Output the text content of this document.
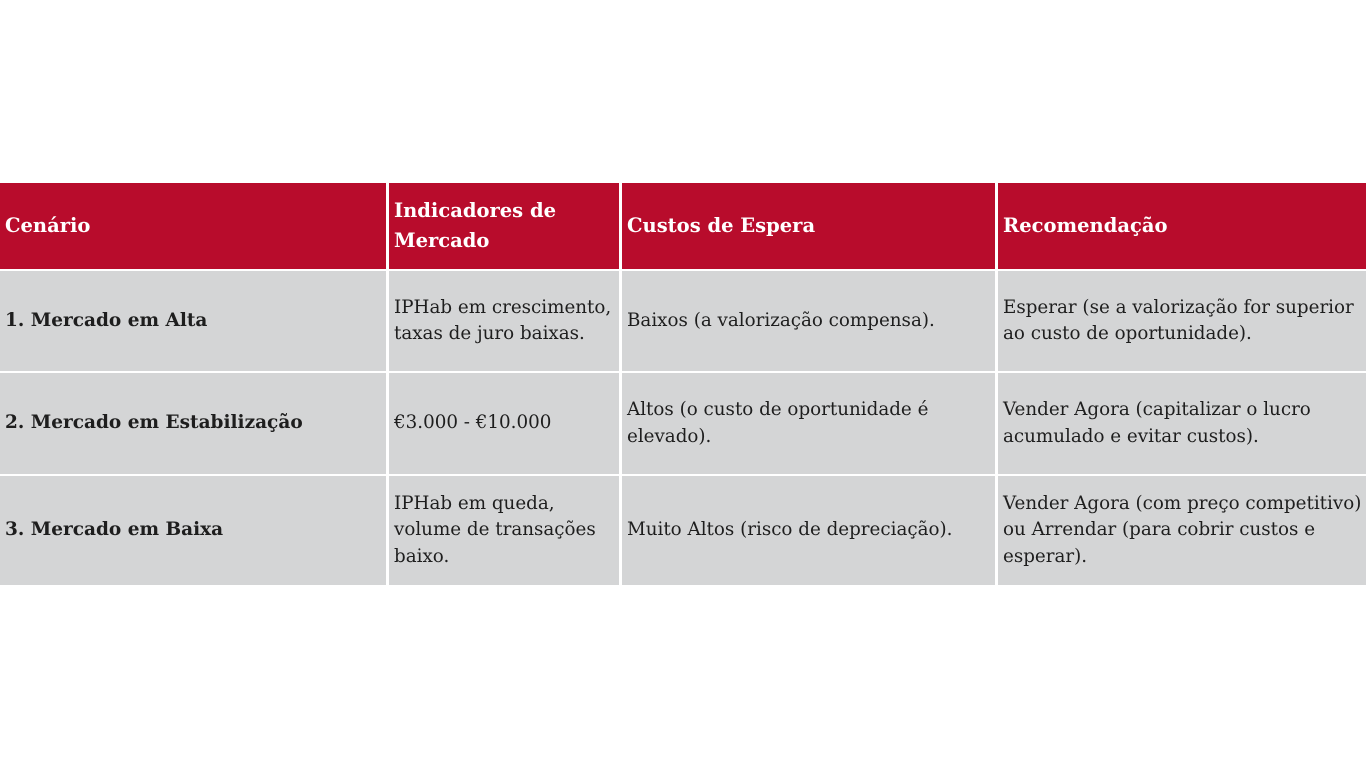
Cenário
Indicadores de Mercado
Custos de Espera	Recomendação
1. Mercado em Alta
IPHab em crescimento, taxas de juro baixas.
Baixos (a valorização compensa).
Esperar (se a valorização for superior ao custo de oportunidade).
2. Mercado em Estabilização	€3.000 - €10.000
Altos (o custo de oportunidade é elevado).
Vender Agora (capitalizar o lucro acumulado e evitar custos).
3. Mercado em Baixa
IPHab em queda, volume de transações baixo.
Muito Altos (risco de depreciação).
Vender Agora (com preço competitivo) ou Arrendar (para cobrir custos e esperar).
